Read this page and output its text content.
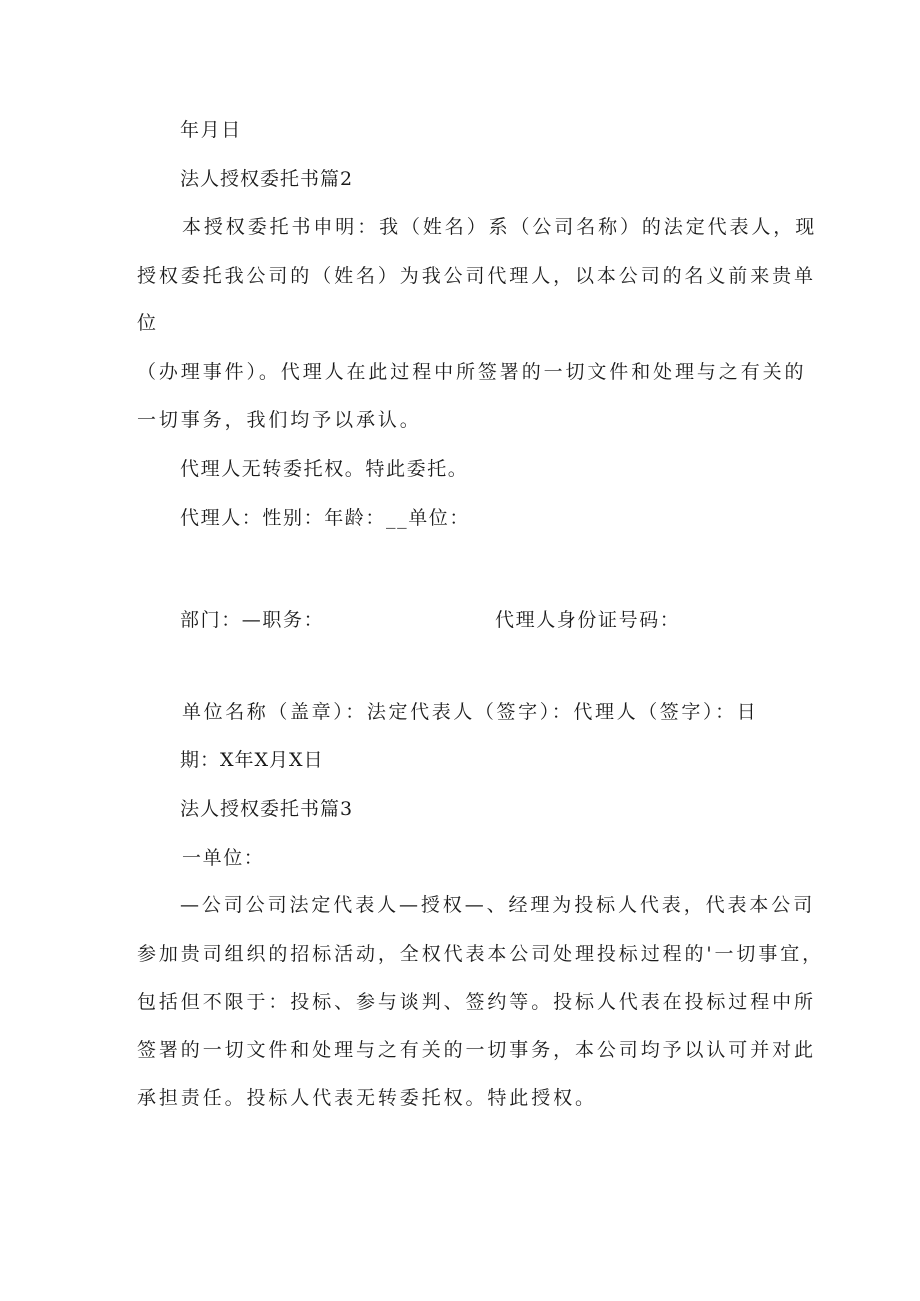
年月日
法人授权委托书篇2
本授权委托书申明：我（姓名）系（公司名称）的法定代表人，现
授权委托我公司的（姓名）为我公司代理人，以本公司的名义前来贵单
位
（办理事件）。代理人在此过程中所签署的一切文件和处理与之有关的
一切事务，我们均予以承认。
代理人无转委托权。特此委托。
代理人：性别：年龄：__单位：
部门：—职务：	代理人身份证号码：
单位名称（盖章）：法定代表人（签字）：代理人（签字）：日
期：X年X月X日
法人授权委托书篇3
一单位：
—公司公司法定代表人—授权—、经理为投标人代表，代表本公司
参加贵司组织的招标活动，全权代表本公司处理投标过程的'一切事宜，
包括但不限于：投标、参与谈判、签约等。投标人代表在投标过程中所
签署的一切文件和处理与之有关的一切事务，本公司均予以认可并对此
承担责任。投标人代表无转委托权。特此授权。
